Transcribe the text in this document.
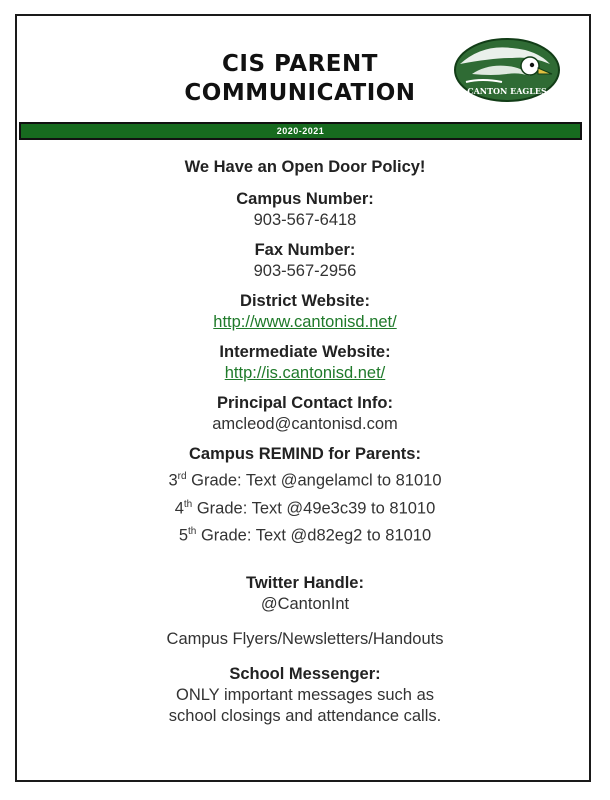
CIS PARENT
COMMUNICATION	CANTON EAGLES
2020-2021
We Have an Open Door Policy!
Campus Number:
903-567-6418
Fax Number:
903-567-2956
District Website:
http://www.cantonisd.net/
Intermediate Website:
http://is.cantonisd.net/
Principal Contact Info:
amcleod@cantonisd.com
Campus REMIND for Parents:
3rd Grade: Text @angelamcl to 81010
4th Grade: Text @49e3c39 to 81010
5th Grade: Text @d82eg2 to 81010
Twitter Handle:
@CantonInt
Campus Flyers/Newsletters/Handouts
School Messenger:
ONLY important messages such as
school closings and attendance calls.
